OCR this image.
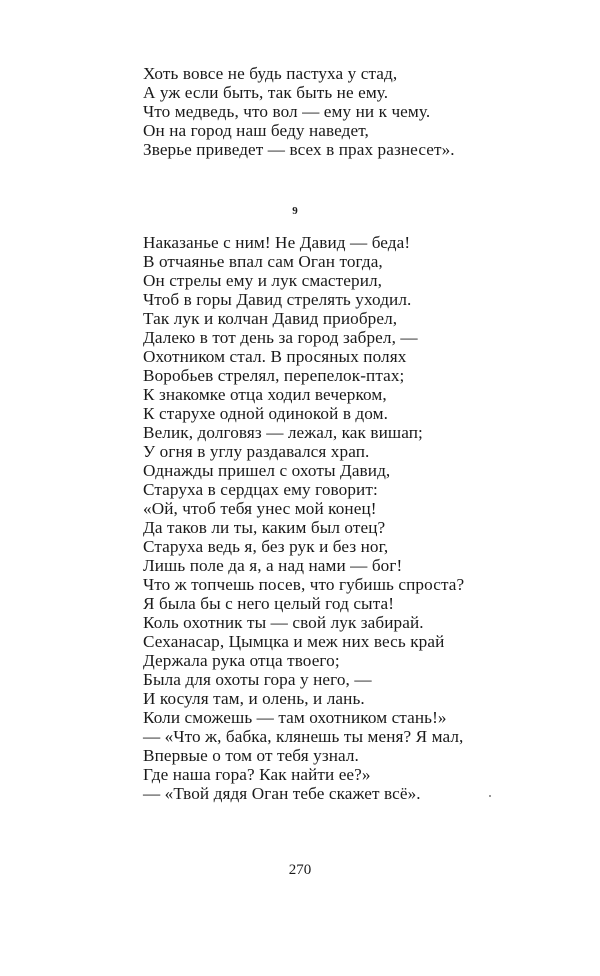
Хоть вовсе не будь пастуха у стад,
А уж если быть, так быть не ему.
Что медведь, что вол — ему ни к чему.
Он на город наш беду наведет,
Зверье приведет — всех в прах разнесет».
9
Наказанье с ним! Не Давид — беда!
В отчаянье впал сам Оган тогда,
Он стрелы ему и лук смастерил,
Чтоб в горы Давид стрелять уходил.
Так лук и колчан Давид приобрел,
Далеко в тот день за город забрел, —
Охотником стал. В просяных полях
Воробьев стрелял, перепелок-птах;
К знакомке отца ходил вечерком,
К старухе одной одинокой в дом.
Велик, долговяз — лежал, как вишап;
У огня в углу раздавался храп.
Однажды пришел с охоты Давид,
Старуха в сердцах ему говорит:
«Ой, чтоб тебя унес мой конец!
Да таков ли ты, каким был отец?
Старуха ведь я, без рук и без ног,
Лишь поле да я, а над нами — бог!
Что ж топчешь посев, что губишь спроста?
Я была бы с него целый год сыта!
Коль охотник ты — свой лук забирай.
Сеханасар, Цымцка и меж них весь край
Держала рука отца твоего;
Была для охоты гора у него, —
И косуля там, и олень, и лань.
Коли сможешь — там охотником стань!»
— «Что ж, бабка, клянешь ты меня? Я мал,
Впервые о том от тебя узнал.
Где наша гора? Как найти ее?»
— «Твой дядя Оган тебе скажет всё».
270
